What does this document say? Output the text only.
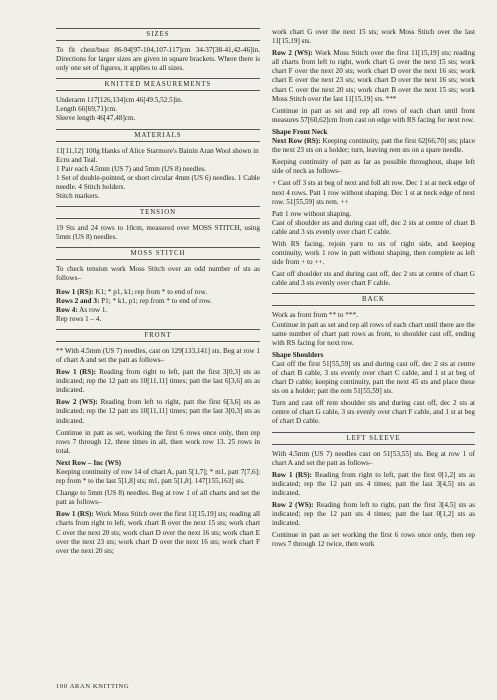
SIZES

To fit chest/bust 86-94[97-104,107-117]cm 34-37[38-41,42-46]in. Directions for larger sizes are given in square brackets. Where there is only one set of figures, it applies to all sizes.

KNITTED MEASUREMENTS
Underarm 117[126,134]cm 46[49.5,52.5]in.
Length 66[69,71]cm.
Sleeve length 46[47,48]cm.
MATERIALS
11[11,12] 100g Hanks of Alice Starmore's Bainin Aran Wool shown in Ecru and Teal.
1 Pair each 4.5mm (US 7) and 5mm (US 8) needles.
1 Set of double-pointed, or short circular 4mm (US 6) needles. 1 Cable needle. 4 Stitch holders.
Stitch markers.
TENSION

19 Sts and 24 rows to 10cm, measured over MOSS STITCH, using 5mm (US 8) needles.

MOSS STITCH

To check tension work Moss Stitch over an odd number of sts as follows–

Row 1 (RS): K1; * p1, k1; rep from * to end of row.
Rows 2 and 3: P1; * k1, p1; rep from * to end of row.
Row 4: As row 1.
Rep rows 1 – 4.
FRONT
** With 4.5mm (US 7) needles, cast on 129[133,141] sts. Beg at row 1 of chart A and set the patt as follows–
Row 1 (RS): Reading from right to left, patt the first 3[0,3] sts as indicated; rep the 12 patt sts 10[11,11] times; patt the last 6[3,6] sts as indicated.
Row 2 (WS): Reading from left to right, patt the first 6[3,6] sts as indicated; rep the 12 patt sts 10[11,11] times; patt the last 3[0,3] sts as indicated.
Continue in patt as set, working the first 6 rows once only, then rep rows 7 through 12, three times in all, then work row 13. 25 rows in total.
Next Row – Inc (WS)
Keeping continuity of row 14 of chart A, patt 5[1,7]; * m1, patt 7[7,6]; rep from * to the last 5[1,8] sts; m1, patt 5[1,8]. 147[155,163] sts.
Change to 5mm (US 8) needles. Beg at row 1 of all charts and set the patt as follows–
Row 1 (RS): Work Moss Stitch over the first 11[15,19] sts; reading all charts from right to left, work chart B over the next 15 sts; work chart C over the next 20 sts; work chart D over the next 16 sts; work chart E over the next 23 sts; work chart D over the next 16 sts; work chart F over the next 20 sts;
work chart G over the next 15 sts; work Moss Stitch over the last 11[15,19] sts.
Row 2 (WS): Work Moss Stitch over the first 11[15,19] sts; reading all charts from left to right, work chart G over the next 15 sts; work chart F over the next 20 sts; work chart D over the next 16 sts; work chart E over the next 23 sts; work chart D over the next 16 sts; work chart C over the next 20 sts; work chart B over the next 15 sts; work Moss Stitch over the last 11[15,19] sts. ***
Continue in patt as set and rep all rows of each chart until front measures 57[60,62]cm from cast on edge with RS facing for next row.
Shape Front Neck
Next Row (RS): Keeping continuity, patt the first 62[66,70] sts; place the next 23 sts on a holder; turn, leaving rem sts on a spare needle.
Keeping continuity of patt as far as possible throughout, shape left side of neck as follows–
+ Cast off 3 sts at beg of next and foll alt row. Dec 1 st at neck edge of next 4 rows. Patt 1 row without shaping. Dec 1 st at neck edge of next row. 51[55,59] sts rem. ++
Patt 1 row without shaping.
Cast of shoulder sts and during cast off, dec 2 sts at centre of chart B cable and 3 sts evenly over chart C cable.
With RS facing, rejoin yarn to sts of right side, and keeping continuity, work 1 row in patt without shaping, then complete as left side from + to ++.
Cast off shoulder sts and during cast off, dec 2 sts at centre of chart G cable and 3 sts evenly over chart F cable.
BACK
Work as front from ** to ***.
Continue in patt as set and rep all rows of each chart until there are the same number of chart patt rows as front, to shoulder cast off, ending with RS facing for next row.
Shape Shoulders
Cast off the first 51[55,59] sts and during cast off, dec 2 sts at centre of chart B cable, 3 sts evenly over chart C cable, and 1 st at beg of chart D cable; keeping continuity, patt the next 45 sts and place these sts on a holder; patt the rem 51[55,59] sts.
Turn and cast off rem shoulder sts and during cast off, dec 2 sts at centre of chart G cable, 3 sts evenly over chart F cable, and 1 st at beg of chart D cable.
LEFT SLEEVE
With 4.5mm (US 7) needles cast on 51[53,55] sts. Beg at row 1 of chart A and set the patt as follows–
Row 1 (RS): Reading from right to left, patt the first 0[1,2] sts as indicated; rep the 12 patt sts 4 times; patt the last 3[4,5] sts as indicated.
Row 2 (WS): Reading from left to right, patt the first 3[4,5] sts as indicated; rep the 12 patt sts 4 times; patt the last 0[1,2] sts as indicated.
Continue in patt as set working the first 6 rows once only, then rep rows 7 through 12 twice, then work
100 ARAN KNITTING
